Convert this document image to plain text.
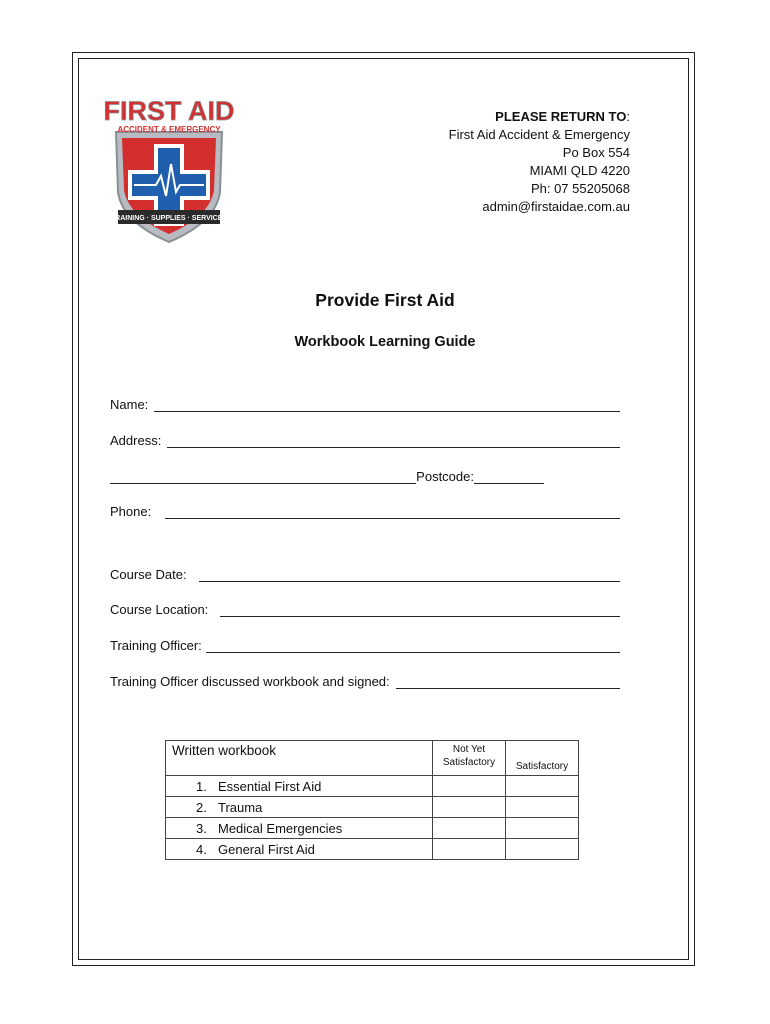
TRAINING · SUPPLIES · SERVICES
FIRST AID
ACCIDENT & EMERGENCY
PLEASE RETURN TO:
First Aid Accident & Emergency
Po Box 554
MIAMI QLD 4220
Ph: 07 55205068
admin@firstaidae.com.au
Provide First Aid
Workbook Learning Guide
Name:
Address:
Postcode:
Phone:
Course Date:
Course Location:
Training Officer:
Training Officer discussed workbook and signed:
Written workbook	Not Yet Satisfactory	Satisfactory
1. Essential First Aid		
2. Trauma		
3. Medical Emergencies		
4. General First Aid		
